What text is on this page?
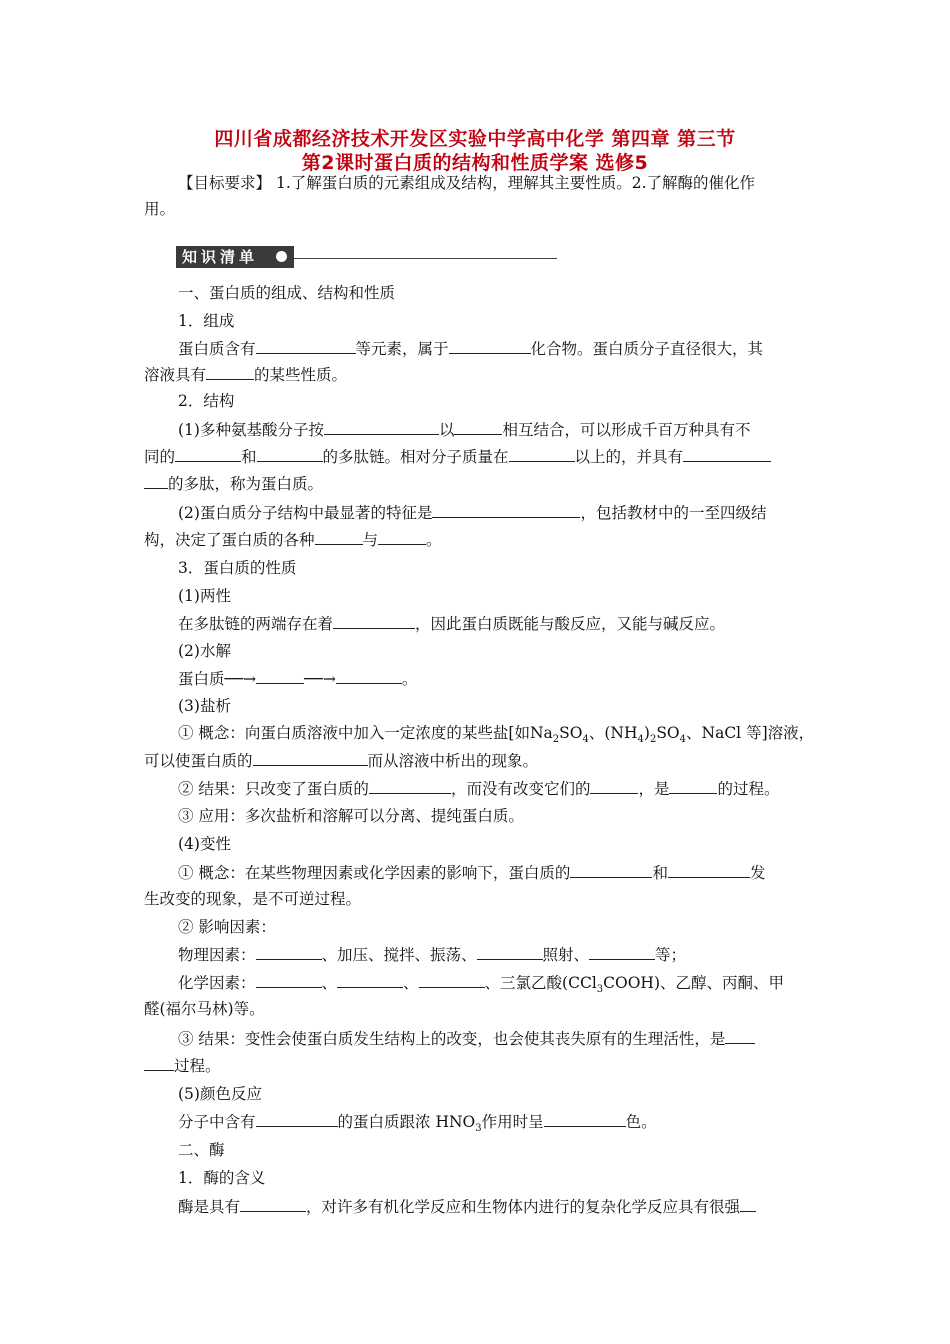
四川省成都经济技术开发区实验中学高中化学 第四章 第三节
第2课时蛋白质的结构和性质学案 选修5
【目标要求】 1.了解蛋白质的元素组成及结构，理解其主要性质。2.了解酶的催化作
用。
知识清单
一、蛋白质的组成、结构和性质
1．组成
蛋白质含有	等元素，属于	化合物。蛋白质分子直径很大，其
溶液具有	的某些性质。
2．结构
(1)多种氨基酸分子按	以	相互结合，可以形成千百万种具有不
同的	和	的多肽链。相对分子质量在	以上的，并具有
的多肽，称为蛋白质。
(2)蛋白质分子结构中最显著的特征是	，包括教材中的一至四级结
构，决定了蛋白质的各种	与	。
3．蛋白质的性质
(1)两性
在多肽链的两端存在着	，因此蛋白质既能与酸反应，又能与碱反应。
(2)水解
蛋白质──→	──→	。
(3)盐析
① 概念：向蛋白质溶液中加入一定浓度的某些盐[如$Na_2SO_4$、$(NH_4)_2SO_4$、NaCl 等]溶液，
可以使蛋白质的	而从溶液中析出的现象。
② 结果：只改变了蛋白质的	，而没有改变它们的	，是	的过程。
③ 应用：多次盐析和溶解可以分离、提纯蛋白质。
(4)变性
① 概念：在某些物理因素或化学因素的影响下，蛋白质的	和	发
生改变的现象，是不可逆过程。
② 影响因素：
物理因素：	、加压、搅拌、振荡、	照射、	等；
化学因素：	、	、	、三氯乙酸(CCl$_3$COOH)、乙醇、丙酮、甲
醛(福尔马林)等。
③ 结果：变性会使蛋白质发生结构上的改变，也会使其丧失原有的生理活性，是
过程。
(5)颜色反应
分子中含有	的蛋白质跟浓 $HNO_3$作用时呈	色。
二、酶
1．酶的含义
酶是具有	，对许多有机化学反应和生物体内进行的复杂化学反应具有很强
